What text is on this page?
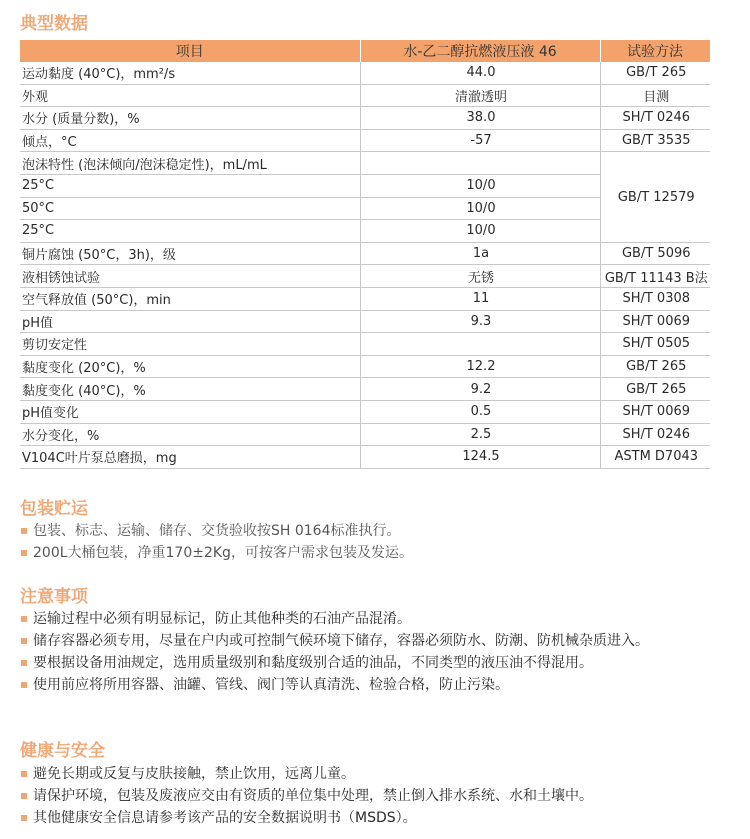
典型数据
项目	水-乙二醇抗燃液压液 46	试验方法
运动黏度 (40°C)，mm²/s	44.0	GB/T 265
外观	清澈透明	目测
水分 (质量分数)，%	38.0	SH/T 0246
倾点，°C	-57	GB/T 3535
泡沫特性 (泡沫倾向/泡沫稳定性)，mL/mL		GB/T 12579
25°C	10/0	
50°C	10/0	
25°C	10/0	
铜片腐蚀 (50°C，3h)，级	1a	GB/T 5096
液相锈蚀试验	无锈	GB/T 11143 B法
空气释放值 (50°C)，min	11	SH/T 0308
pH值	9.3	SH/T 0069
剪切安定性		SH/T 0505
黏度变化 (20°C)，%	12.2	GB/T 265
黏度变化 (40°C)，%	9.2	GB/T 265
pH值变化	0.5	SH/T 0069
水分变化，%	2.5	SH/T 0246
V104C叶片泵总磨损，mg	124.5	ASTM D7043
包装贮运
包装、标志、运输、储存、交货验收按SH 0164标准执行。
200L大桶包装，净重170±2Kg，可按客户需求包装及发运。
注意事项
运输过程中必须有明显标记，防止其他种类的石油产品混淆。
储存容器必须专用，尽量在户内或可控制气候环境下储存，容器必须防水、防潮、防机械杂质进入。
要根据设备用油规定，选用质量级别和黏度级别合适的油品，不同类型的液压油不得混用。
使用前应将所用容器、油罐、管线、阀门等认真清洗、检验合格，防止污染。
健康与安全
避免长期或反复与皮肤接触，禁止饮用，远离儿童。
请保护环境，包装及废液应交由有资质的单位集中处理，禁止倒入排水系统、水和土壤中。
其他健康安全信息请参考该产品的安全数据说明书（MSDS）。
